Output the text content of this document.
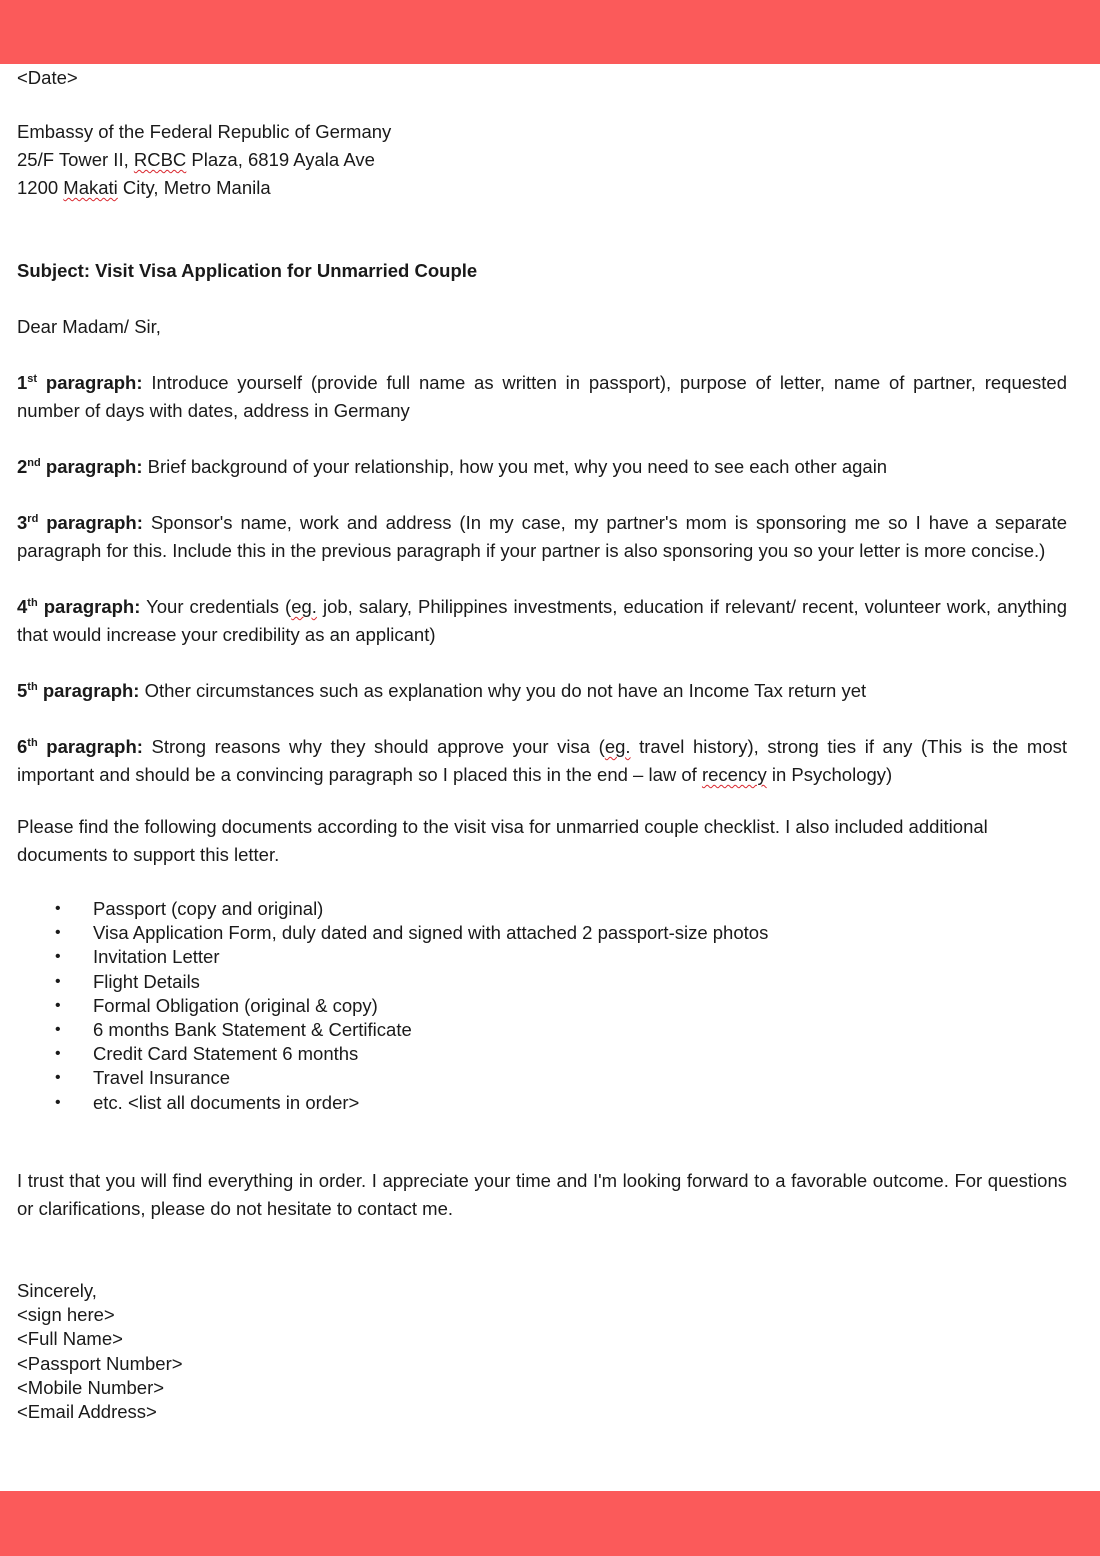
<Date>

Embassy of the Federal Republic of Germany

25/F Tower II, RCBC Plaza, 6819 Ayala Ave

1200 Makati City, Metro Manila

Subject: Visit Visa Application for Unmarried Couple

Dear Madam/ Sir,

1st paragraph: Introduce yourself (provide full name as written in passport), purpose of letter, name of partner, requested number of days with dates, address in Germany

2nd paragraph: Brief background of your relationship, how you met, why you need to see each other again

3rd paragraph: Sponsor's name, work and address (In my case, my partner's mom is sponsoring me so I have a separate paragraph for this. Include this in the previous paragraph if your partner is also sponsoring you so your letter is more concise.)

4th paragraph: Your credentials (eg. job, salary, Philippines investments, education if relevant/ recent, volunteer work, anything that would increase your credibility as an applicant)

5th paragraph: Other circumstances such as explanation why you do not have an Income Tax return yet

6th paragraph: Strong reasons why they should approve your visa (eg. travel history), strong ties if any (This is the most important and should be a convincing paragraph so I placed this in the end – law of recency in Psychology)

Please find the following documents according to the visit visa for unmarried couple checklist. I also included additional documents to support this letter.

• Passport (copy and original)
• Visa Application Form, duly dated and signed with attached 2 passport-size photos
• Invitation Letter
• Flight Details
• Formal Obligation (original & copy)
• 6 months Bank Statement & Certificate
• Credit Card Statement 6 months
• Travel Insurance
• etc. <list all documents in order>

I trust that you will find everything in order. I appreciate your time and I'm looking forward to a favorable outcome. For questions or clarifications, please do not hesitate to contact me.

Sincerely,

<sign here>

<Full Name>

<Passport Number>

<Mobile Number>

<Email Address>
